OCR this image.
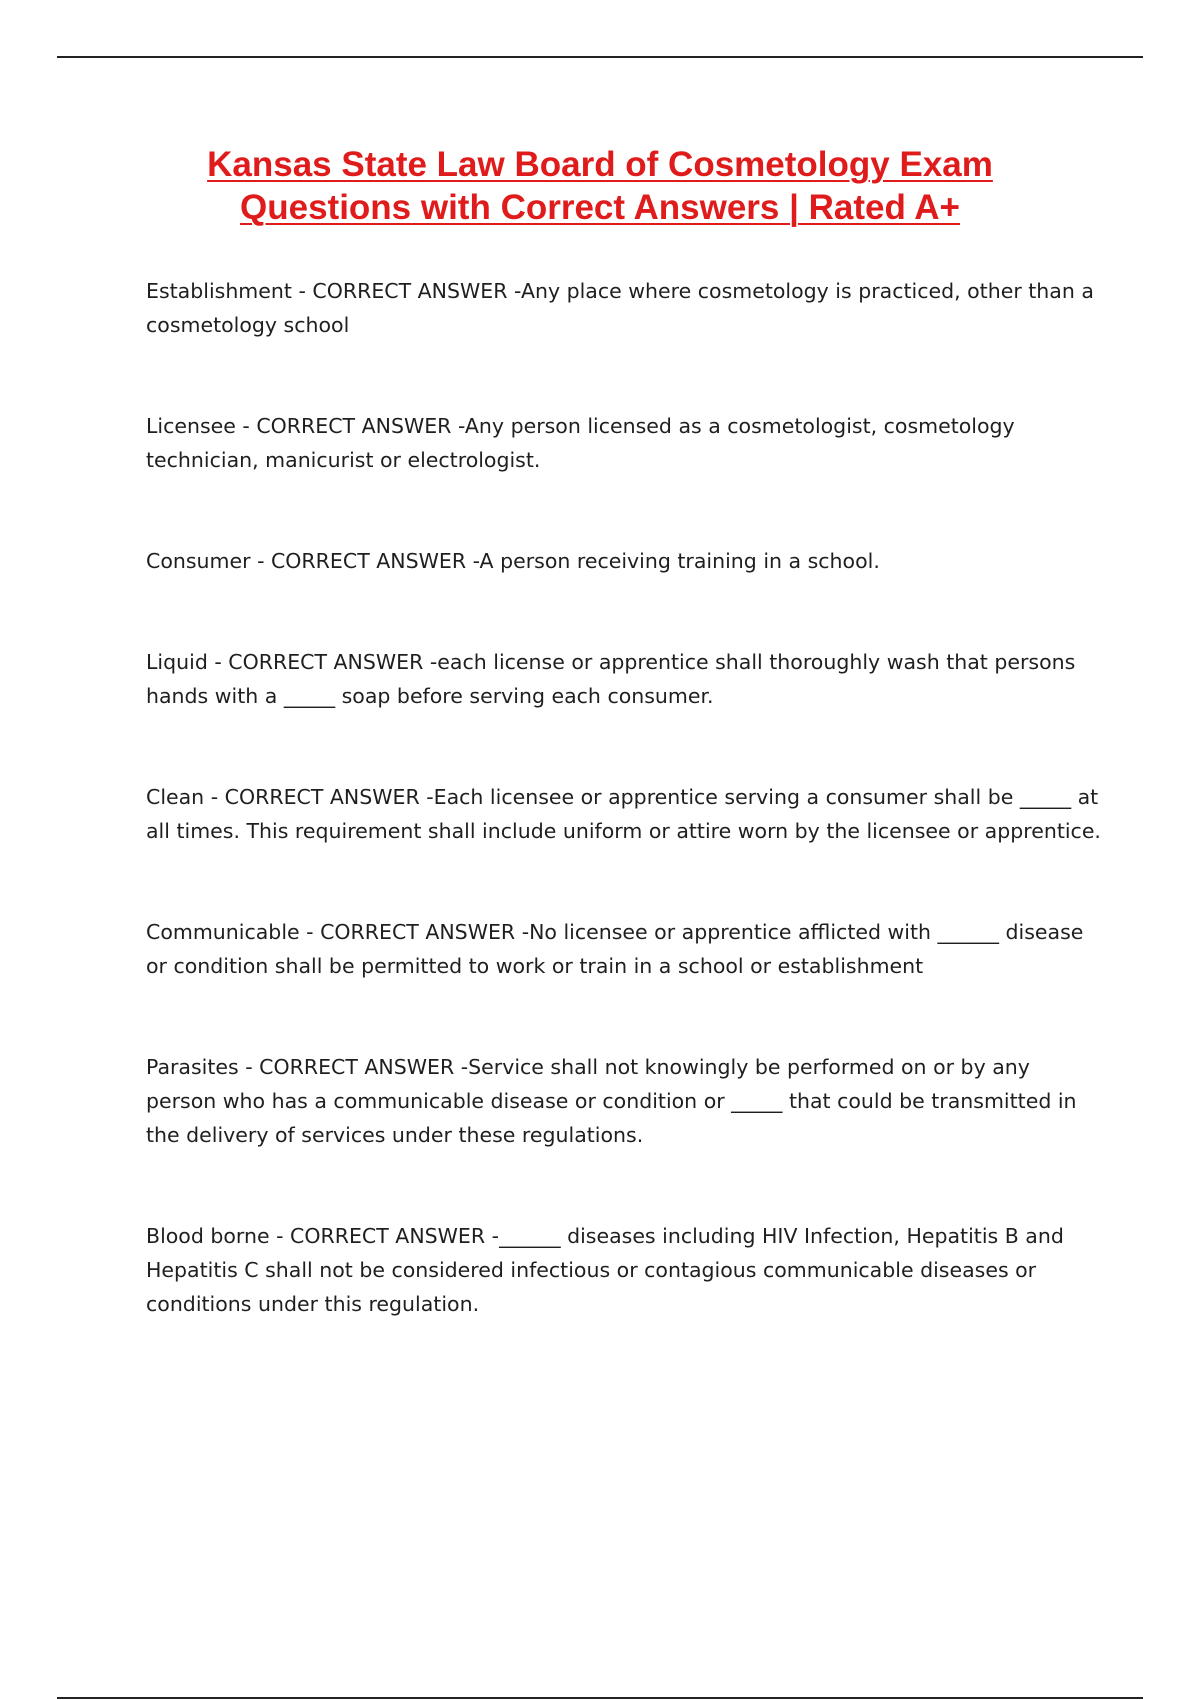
Kansas State Law Board of Cosmetology Exam
Questions with Correct Answers | Rated A+
Establishment - CORRECT ANSWER -Any place where cosmetology is practiced, other than a cosmetology school
Licensee - CORRECT ANSWER -Any person licensed as a cosmetologist, cosmetology technician, manicurist or electrologist.
Consumer - CORRECT ANSWER -A person receiving training in a school.
Liquid - CORRECT ANSWER -each license or apprentice shall thoroughly wash that persons hands with a _____ soap before serving each consumer.
Clean - CORRECT ANSWER -Each licensee or apprentice serving a consumer shall be _____ at all times. This requirement shall include uniform or attire worn by the licensee or apprentice.
Communicable - CORRECT ANSWER -No licensee or apprentice afflicted with ______ disease or condition shall be permitted to work or train in a school or establishment
Parasites - CORRECT ANSWER -Service shall not knowingly be performed on or by any person who has a communicable disease or condition or _____ that could be transmitted in the delivery of services under these regulations.
Blood borne - CORRECT ANSWER -______ diseases including HIV Infection, Hepatitis B and Hepatitis C shall not be considered infectious or contagious communicable diseases or conditions under this regulation.
